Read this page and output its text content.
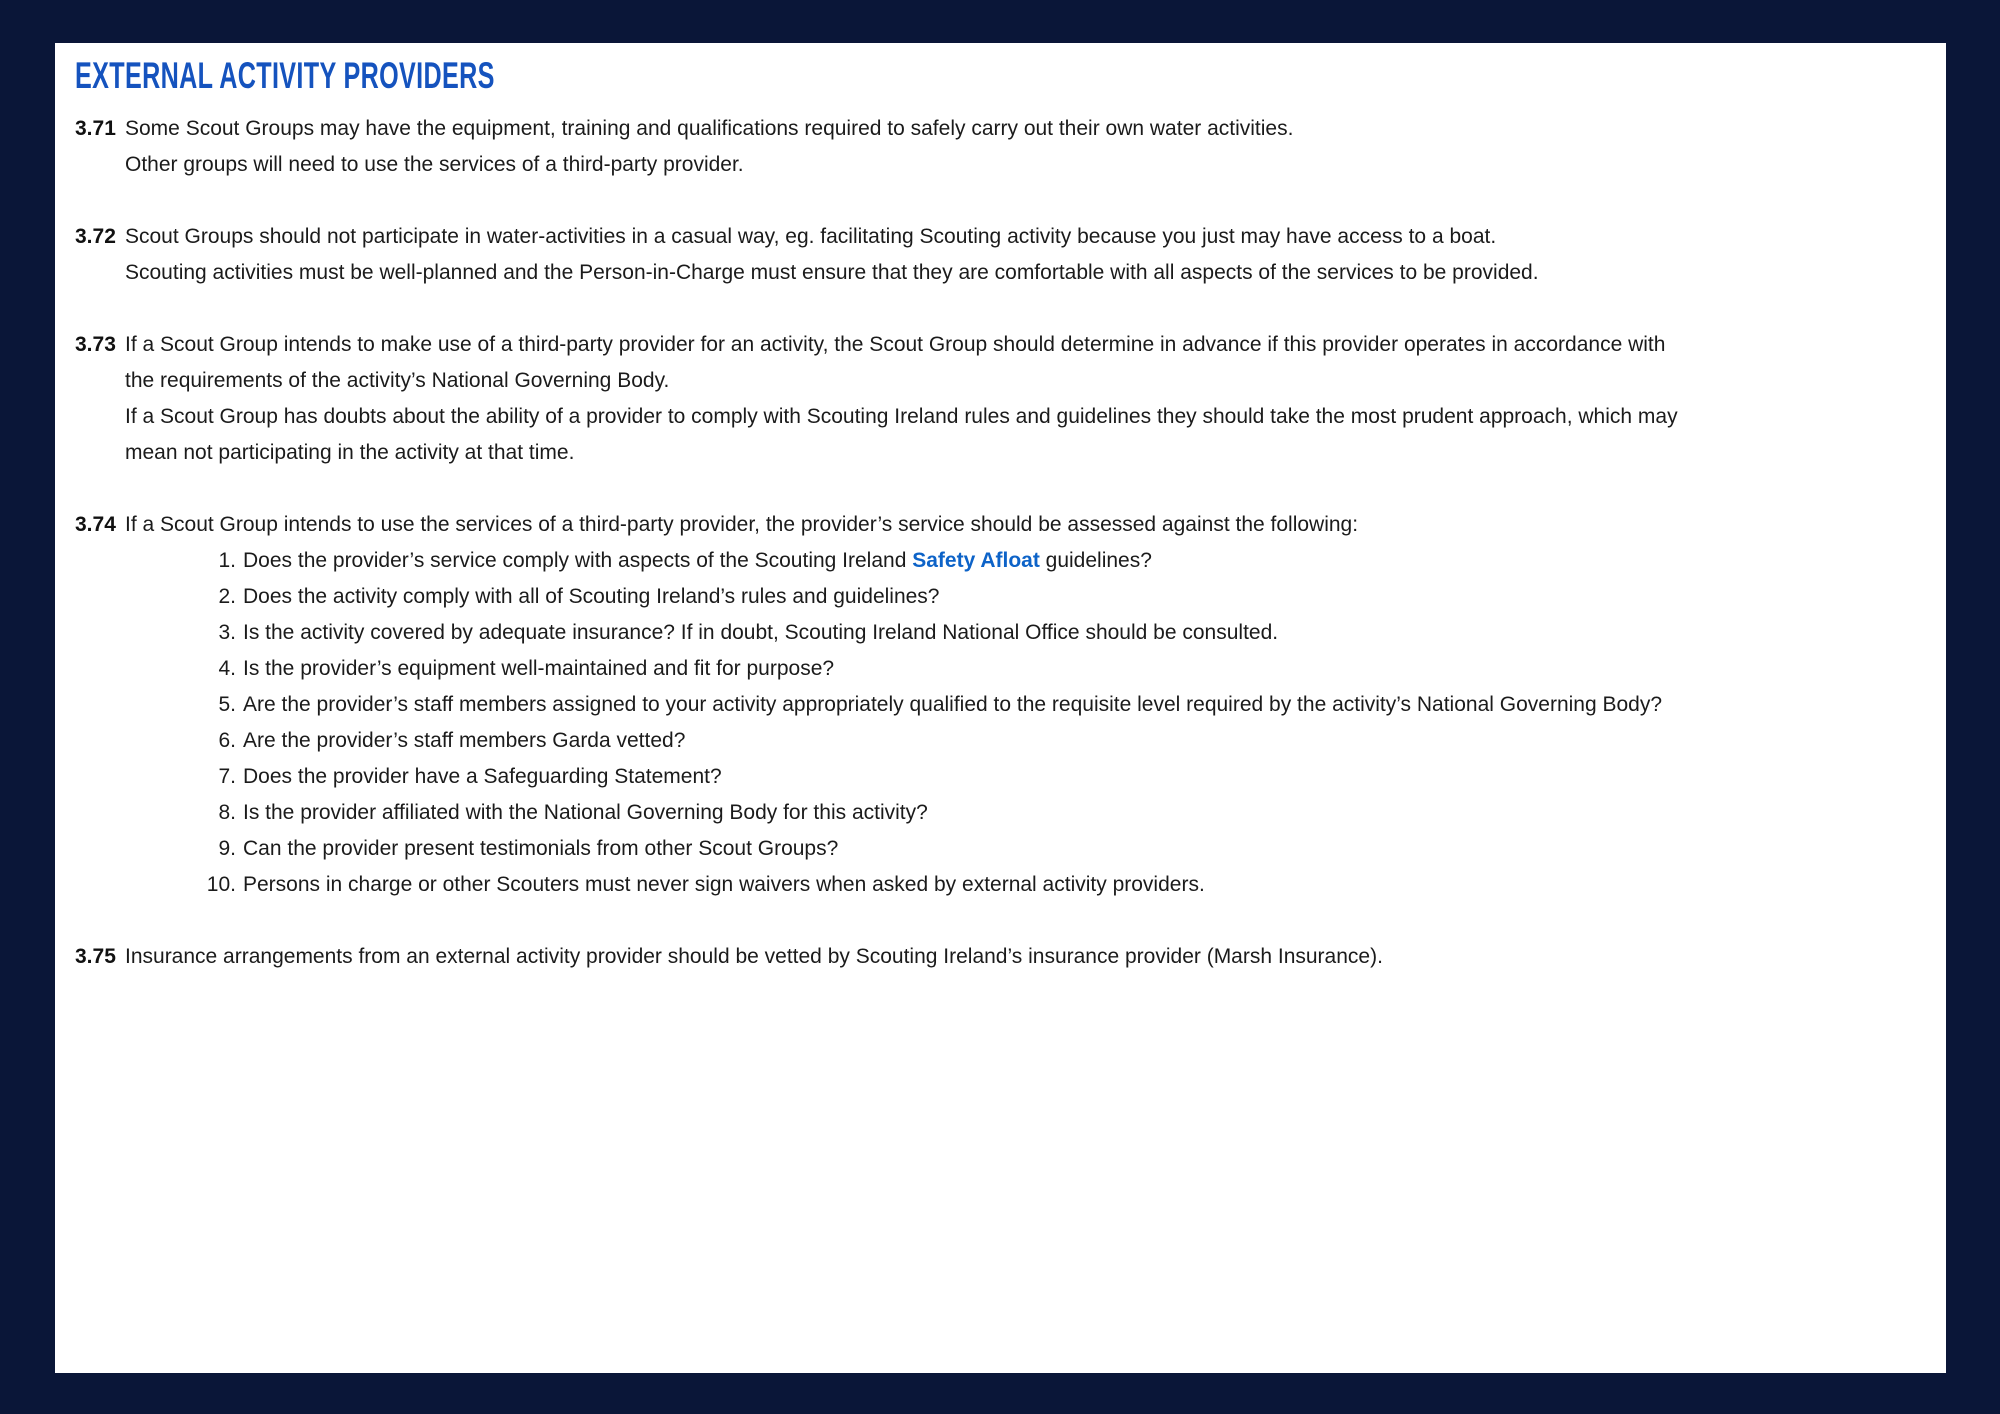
EXTERNAL ACTIVITY PROVIDERS
3.71 Some Scout Groups may have the equipment, training and qualifications required to safely carry out their own water activities.
Other groups will need to use the services of a third-party provider.
3.72 Scout Groups should not participate in water-activities in a casual way, eg. facilitating Scouting activity because you just may have access to a boat.
Scouting activities must be well-planned and the Person-in-Charge must ensure that they are comfortable with all aspects of the services to be provided.
3.73 If a Scout Group intends to make use of a third-party provider for an activity, the Scout Group should determine in advance if this provider operates in accordance with
the requirements of the activity’s National Governing Body.
If a Scout Group has doubts about the ability of a provider to comply with Scouting Ireland rules and guidelines they should take the most prudent approach, which may
mean not participating in the activity at that time.
3.74 If a Scout Group intends to use the services of a third-party provider, the provider’s service should be assessed against the following:
1. Does the provider’s service comply with aspects of the Scouting Ireland Safety Afloat guidelines?
2. Does the activity comply with all of Scouting Ireland’s rules and guidelines?
3. Is the activity covered by adequate insurance? If in doubt, Scouting Ireland National Office should be consulted.
4. Is the provider’s equipment well-maintained and fit for purpose?
5. Are the provider’s staff members assigned to your activity appropriately qualified to the requisite level required by the activity’s National Governing Body?
6. Are the provider’s staff members Garda vetted?
7. Does the provider have a Safeguarding Statement?
8. Is the provider affiliated with the National Governing Body for this activity?
9. Can the provider present testimonials from other Scout Groups?
10. Persons in charge or other Scouters must never sign waivers when asked by external activity providers.
3.75 Insurance arrangements from an external activity provider should be vetted by Scouting Ireland’s insurance provider (Marsh Insurance).
